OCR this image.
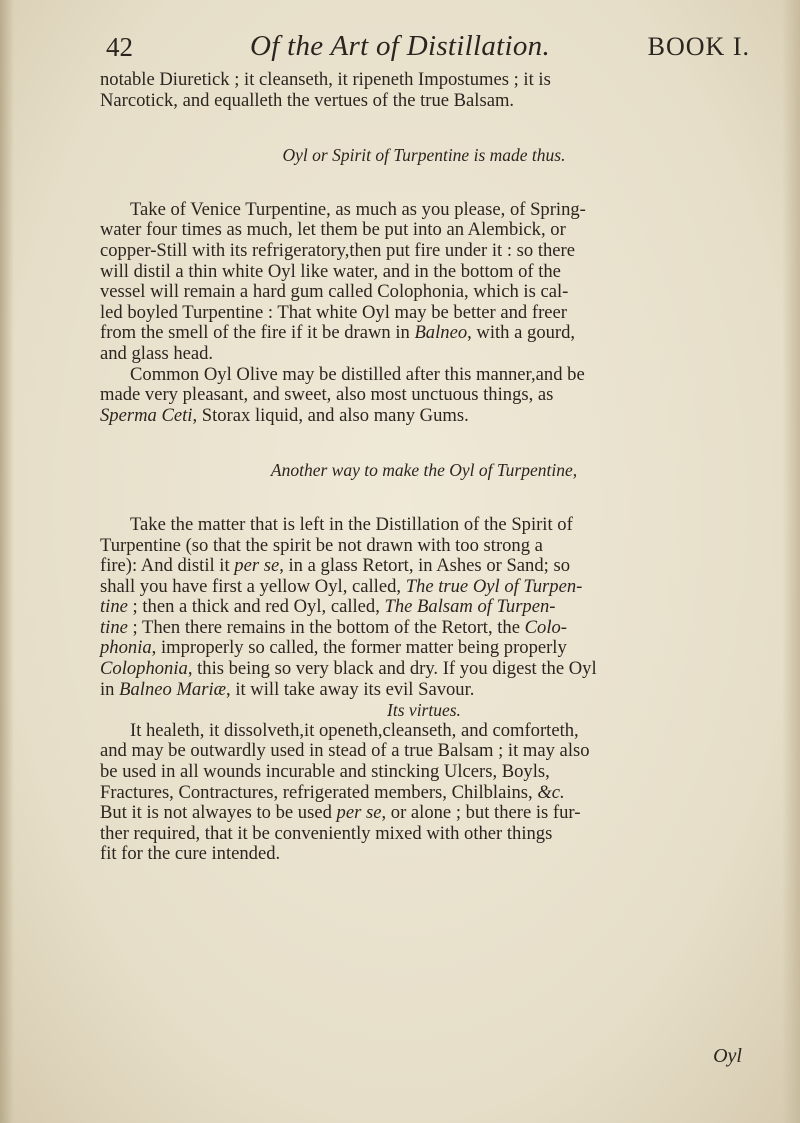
42	Of the Art of Distillation.	BOOK I.
notable Diuretick ; it cleanseth, it ripeneth Impostumes ; it is
Narcotick, and equalleth the vertues of the true Balsam.
Oyl or Spirit of Turpentine is made thus.
Take of Venice Turpentine, as much as you please, of Spring-
water four times as much, let them be put into an Alembick, or
copper-Still with its refrigeratory,then put fire under it : so there
will distil a thin white Oyl like water, and in the bottom of the
vessel will remain a hard gum called Colophonia, which is cal-
led boyled Turpentine : That white Oyl may be better and freer
from the smell of the fire if it be drawn in Balneo, with a gourd,
and glass head.
Common Oyl Olive may be distilled after this manner,and be
made very pleasant, and sweet, also most unctuous things, as
Sperma Ceti, Storax liquid, and also many Gums.
Another way to make the Oyl of Turpentine,
Take the matter that is left in the Distillation of the Spirit of
Turpentine (so that the spirit be not drawn with too strong a
fire): And distil it per se, in a glass Retort, in Ashes or Sand; so
shall you have first a yellow Oyl, called, The true Oyl of Turpen-
tine ; then a thick and red Oyl, called, The Balsam of Turpen-
tine ; Then there remains in the bottom of the Retort, the Colo-
phonia, improperly so called, the former matter being properly
Colophonia, this being so very black and dry. If you digest the Oyl
in Balneo Mariæ, it will take away its evil Savour.
Its virtues.
It healeth, it dissolveth,it openeth,cleanseth, and comforteth,
and may be outwardly used in stead of a true Balsam ; it may also
be used in all wounds incurable and stincking Ulcers, Boyls,
Fractures, Contractures, refrigerated members, Chilblains, &c.
But it is not alwayes to be used per se, or alone ; but there is fur-
ther required, that it be conveniently mixed with other things
fit for the cure intended.
Oyl
